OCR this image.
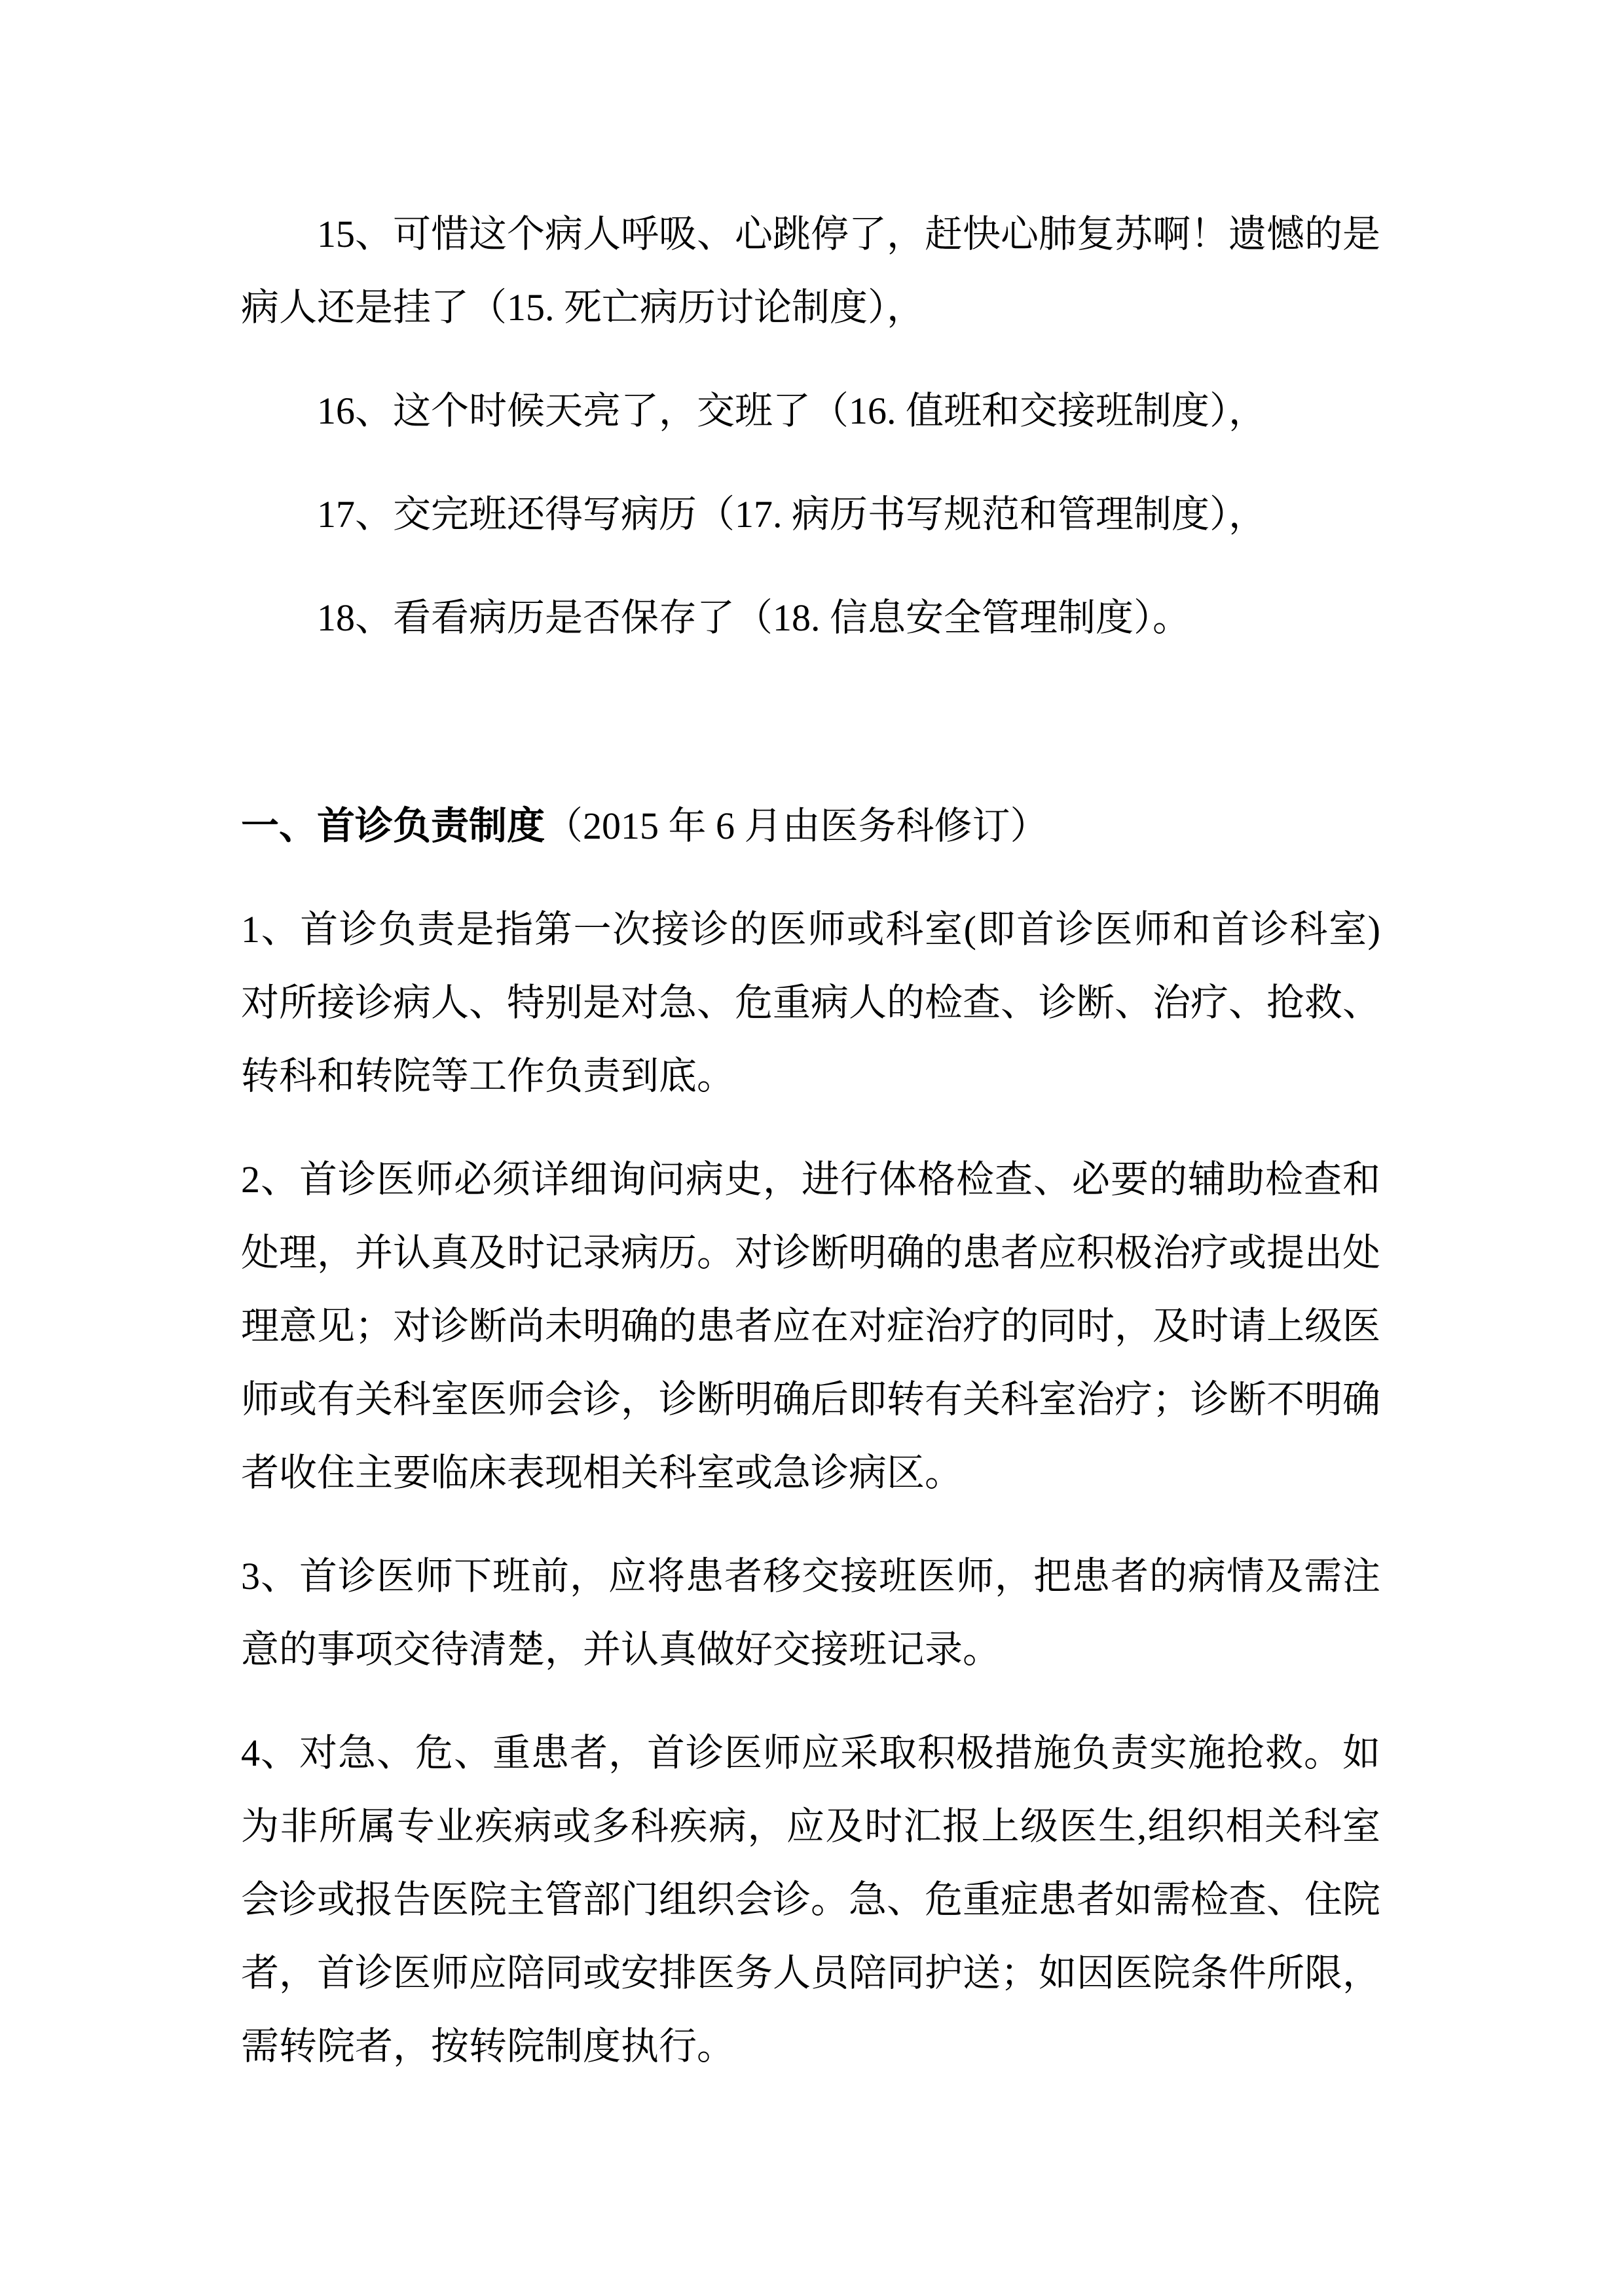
15、可惜这个病人呼吸、心跳停了，赶快心肺复苏啊！遗憾的是病人还是挂了（15. 死亡病历讨论制度），

16、这个时候天亮了，交班了（16. 值班和交接班制度），

17、交完班还得写病历（17. 病历书写规范和管理制度），

18、看看病历是否保存了（18. 信息安全管理制度）。

一、首诊负责制度（2015 年 6 月由医务科修订）

1、首诊负责是指第一次接诊的医师或科室(即首诊医师和首诊科室)对所接诊病人、特别是对急、危重病人的检查、诊断、治疗、抢救、转科和转院等工作负责到底。

2、首诊医师必须详细询问病史，进行体格检查、必要的辅助检查和处理，并认真及时记录病历。对诊断明确的患者应积极治疗或提出处理意见；对诊断尚未明确的患者应在对症治疗的同时，及时请上级医师或有关科室医师会诊，诊断明确后即转有关科室治疗；诊断不明确者收住主要临床表现相关科室或急诊病区。

3、首诊医师下班前，应将患者移交接班医师，把患者的病情及需注意的事项交待清楚，并认真做好交接班记录。

4、对急、危、重患者，首诊医师应采取积极措施负责实施抢救。如为非所属专业疾病或多科疾病，应及时汇报上级医生,组织相关科室会诊或报告医院主管部门组织会诊。急、危重症患者如需检查、住院者，首诊医师应陪同或安排医务人员陪同护送；如因医院条件所限，需转院者，按转院制度执行。
